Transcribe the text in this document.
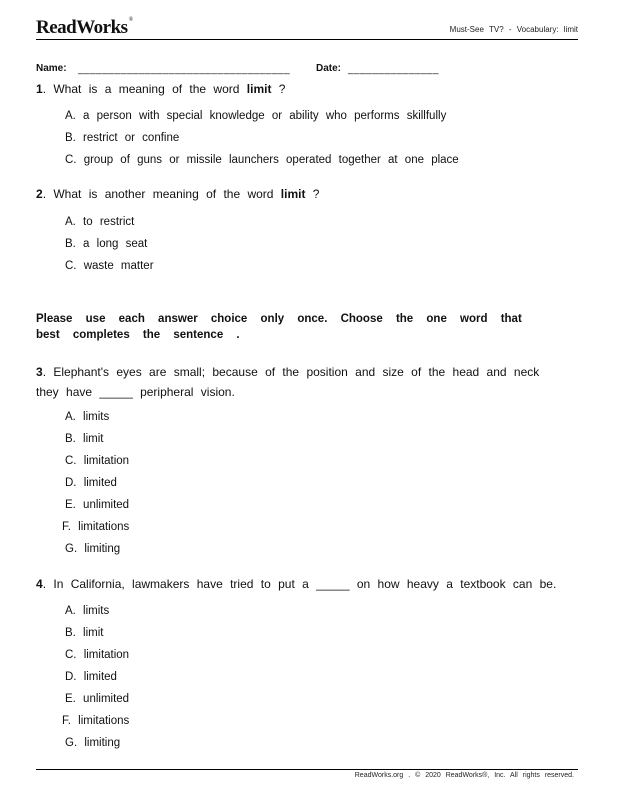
ReadWorks®
Must-See TV? - Vocabulary: limit
Name: ___________________________________	Date: _______________
1. What is a meaning of the word limit ?
A. a person with special knowledge or ability who performs skillfully
B. restrict or confine
C. group of guns or missile launchers operated together at one place
2. What is another meaning of the word limit ?
A. to restrict
B. a long seat
C. waste matter
Please use each answer choice only once. Choose the one word that best completes the sentence .
3. Elephant's eyes are small; because of the position and size of the head and neck they have _____ peripheral vision.
A. limits
B. limit
C. limitation
D. limited
E. unlimited
F. limitations
G. limiting
4. In California, lawmakers have tried to put a _____ on how heavy a textbook can be.
A. limits
B. limit
C. limitation
D. limited
E. unlimited
F. limitations
G. limiting
ReadWorks.org . © 2020 ReadWorks®, Inc. All rights reserved.
